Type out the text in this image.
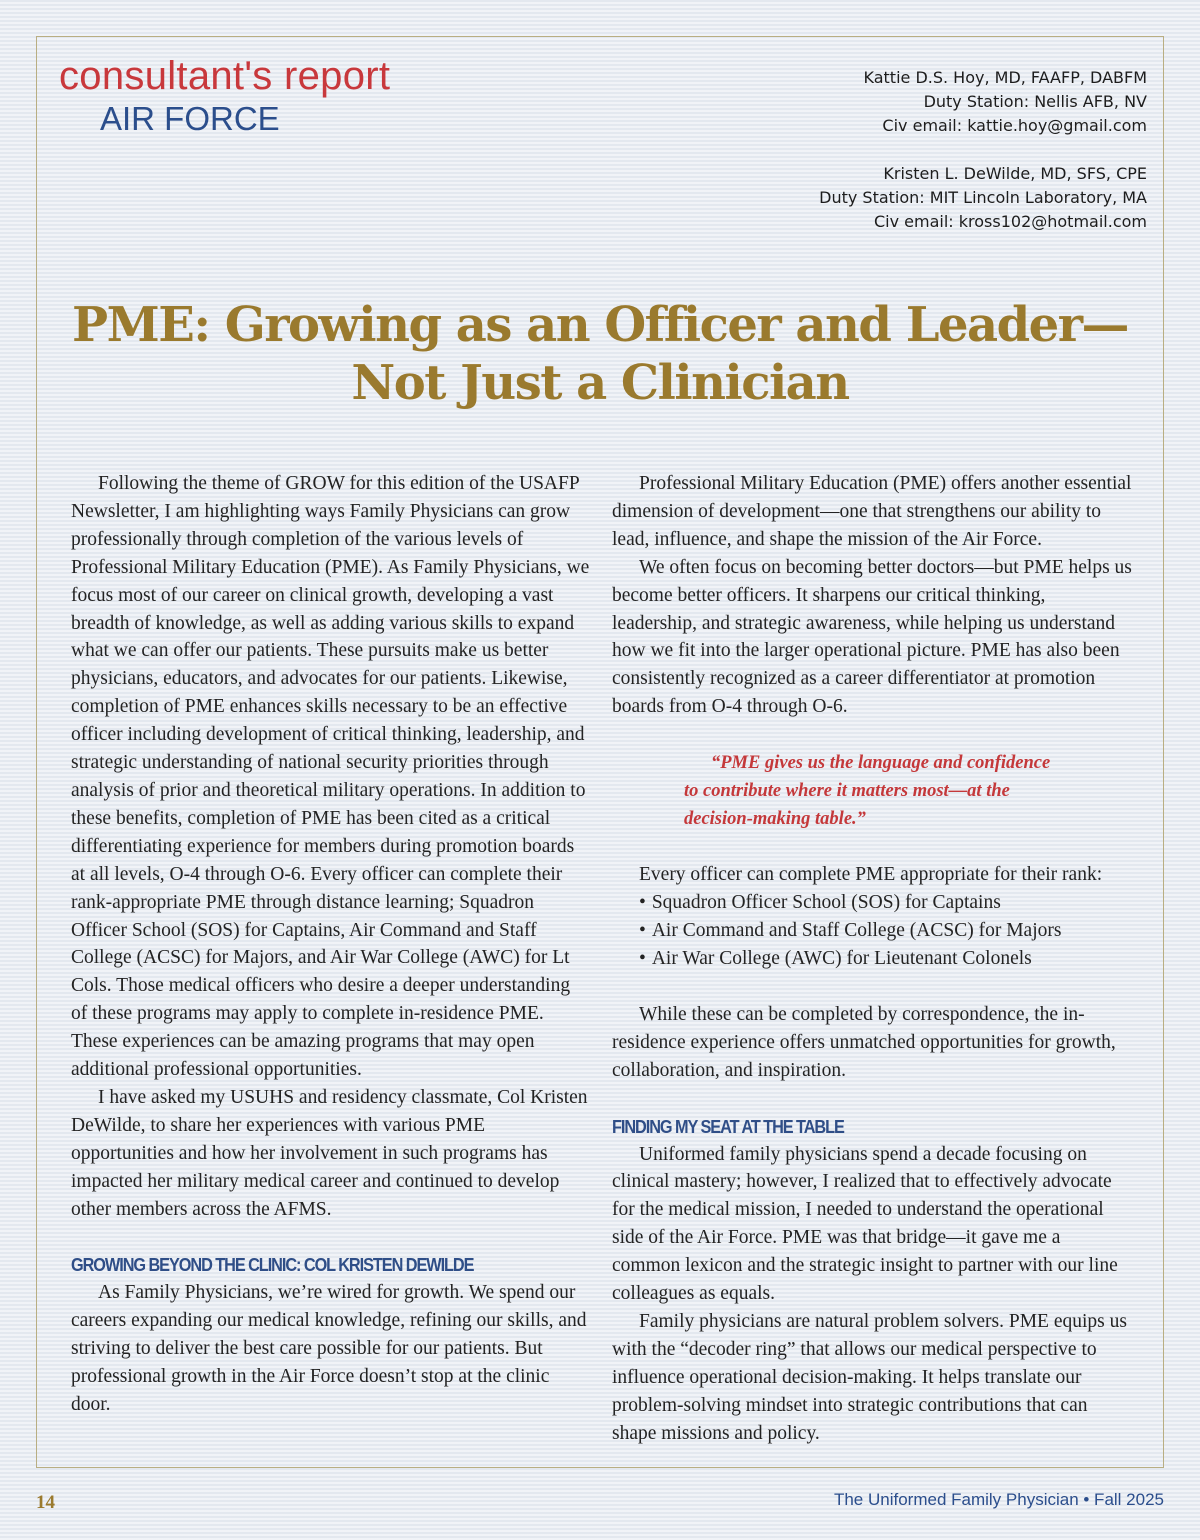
consultant's report
AIR FORCE
Kattie D.S. Hoy, MD, FAAFP, DABFM
Duty Station: Nellis AFB, NV
Civ email: kattie.hoy@gmail.com
Kristen L. DeWilde, MD, SFS, CPE
Duty Station: MIT Lincoln Laboratory, MA
Civ email: kross102@hotmail.com
PME: Growing as an Officer and Leader—
Not Just a Clinician

Following the theme of GROW for this edition of the USAFP Newsletter, I am highlighting ways Family Physicians can grow professionally through completion of the various levels of Professional Military Education (PME). As Family Physicians, we focus most of our career on clinical growth, developing a vast breadth of knowledge, as well as adding various skills to expand what we can offer our patients. These pursuits make us better physicians, educators, and advocates for our patients. Likewise, completion of PME enhances skills necessary to be an effective officer including development of critical thinking, leadership, and strategic understanding of national security priorities through analysis of prior and theoretical military operations. In addition to these benefits, completion of PME has been cited as a critical differentiating experience for members during promotion boards at all levels, O-4 through O-6. Every officer can complete their rank-appropriate PME through distance learning; Squadron Officer School (SOS) for Captains, Air Command and Staff College (ACSC) for Majors, and Air War College (AWC) for Lt Cols. Those medical officers who desire a deeper understanding of these programs may apply to complete in-residence PME. These experiences can be amazing programs that may open additional professional opportunities.

I have asked my USUHS and residency classmate, Col Kristen DeWilde, to share her experiences with various PME opportunities and how her involvement in such programs has impacted her military medical career and continued to develop other members across the AFMS.

GROWING BEYOND THE CLINIC: COL KRISTEN DEWILDE

As Family Physicians, we’re wired for growth. We spend our careers expanding our medical knowledge, refining our skills, and striving to deliver the best care possible for our patients. But professional growth in the Air Force doesn’t stop at the clinic door.

Professional Military Education (PME) offers another essential dimension of development—one that strengthens our ability to lead, influence, and shape the mission of the Air Force.

We often focus on becoming better doctors—but PME helps us become better officers. It sharpens our critical thinking, leadership, and strategic awareness, while helping us understand how we fit into the larger operational picture. PME has also been consistently recognized as a career differentiator at promotion boards from O-4 through O-6.

“PME gives us the language and confidence
to contribute where it matters most—at the
decision-making table.”

Every officer can complete PME appropriate for their rank:

• Squadron Officer School (SOS) for Captains
• Air Command and Staff College (ACSC) for Majors
• Air War College (AWC) for Lieutenant Colonels

While these can be completed by correspondence, the in-residence experience offers unmatched opportunities for growth, collaboration, and inspiration.

FINDING MY SEAT AT THE TABLE

Uniformed family physicians spend a decade focusing on clinical mastery; however, I realized that to effectively advocate for the medical mission, I needed to understand the operational side of the Air Force. PME was that bridge—it gave me a common lexicon and the strategic insight to partner with our line colleagues as equals.

Family physicians are natural problem solvers. PME equips us with the “decoder ring” that allows our medical perspective to influence operational decision-making. It helps translate our problem-solving mindset into strategic contributions that can shape missions and policy.

14	The Uniformed Family Physician • Fall 2025
